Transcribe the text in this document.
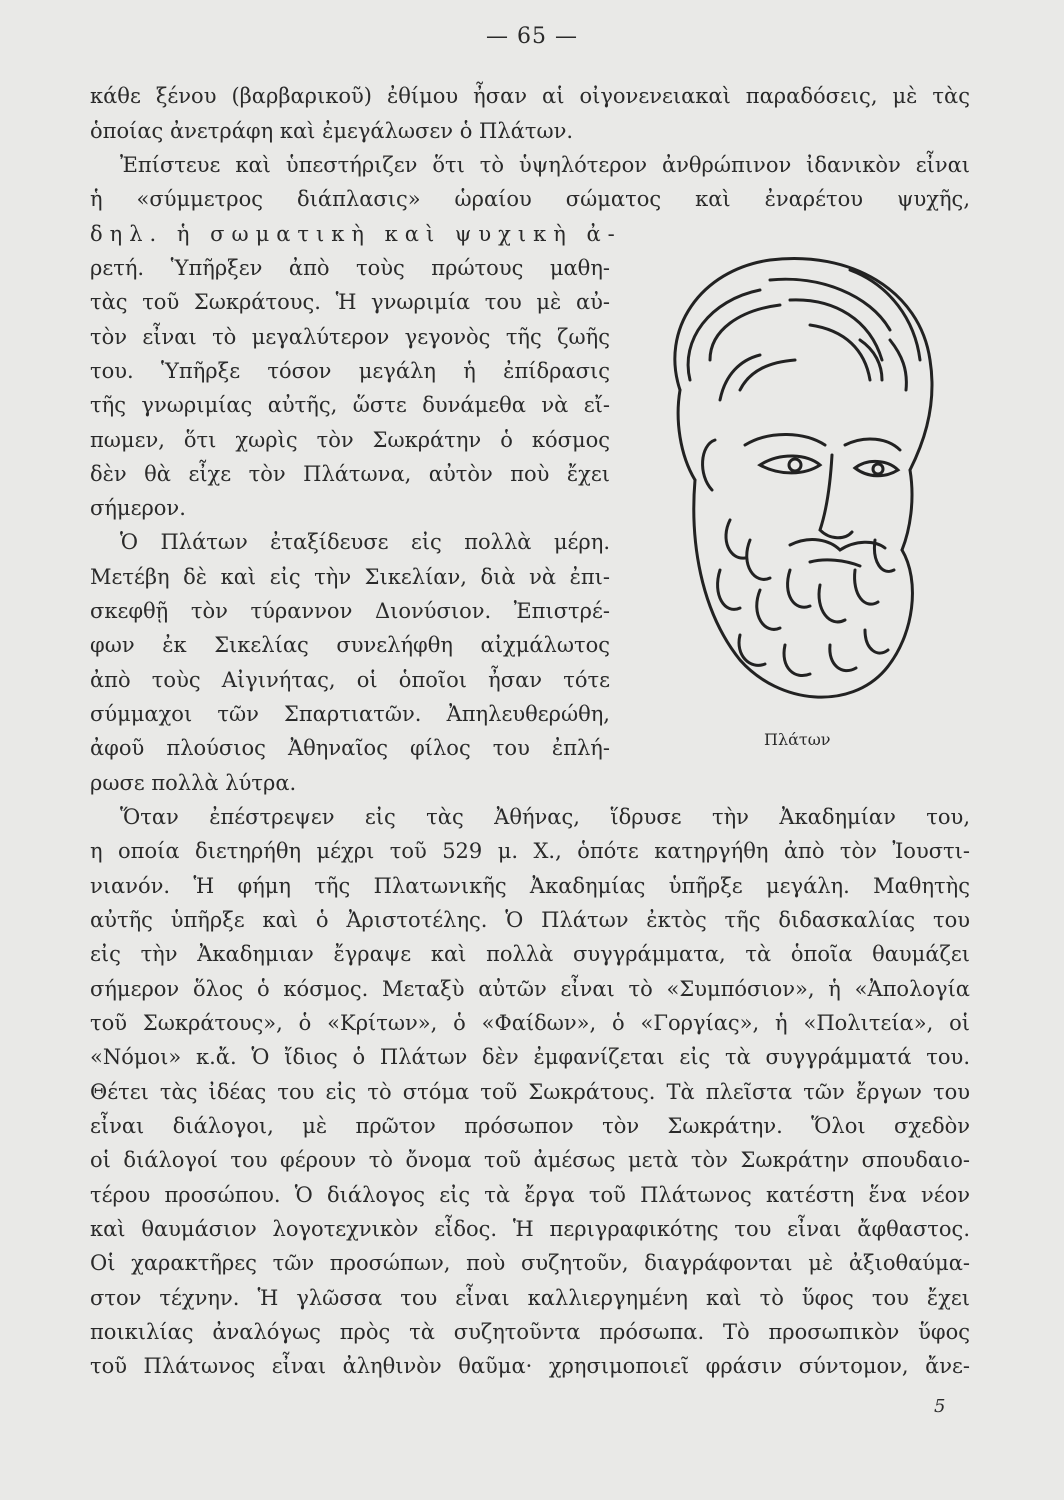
— 65 —
κάθε ξένου (βαρβαρικοῦ) ἐθίμου ἦσαν αἱ οἰγονενειακαὶ παραδόσεις, μὲ τὰς
ὁποίας ἀνετράφη καὶ ἐμεγάλωσεν ὁ Πλάτων.
Ἐπίστευε καὶ ὑπεστήριζεν ὅτι τὸ ὑψηλότερον ἀνθρώπινον ἰδανικὸν εἶναι
ἡ «σύμμετρος διάπλασις» ὡραίου σώματος καὶ ἐναρέτου ψυχῆς,
δηλ. ἡ σωματικὴ καὶ ψυχικὴ ἀ-
ρετή. Ὑπῆρξεν ἀπὸ τοὺς πρώτους μαθη-
τὰς τοῦ Σωκράτους. Ἡ γνωριμία του μὲ αὐ-
τὸν εἶναι τὸ μεγαλύτερον γεγονὸς τῆς ζωῆς
του. Ὑπῆρξε τόσον μεγάλη ἡ ἐπίδρασις
τῆς γνωριμίας αὐτῆς, ὥστε δυνάμεθα νὰ εἴ-
πωμεν, ὅτι χωρὶς τὸν Σωκράτην ὁ κόσμος
δὲν θὰ εἶχε τὸν Πλάτωνα, αὐτὸν ποὺ ἔχει
σήμερον.
Ὁ Πλάτων ἐταξίδευσε εἰς πολλὰ μέρη.
Μετέβη δὲ καὶ εἰς τὴν Σικελίαν, διὰ νὰ ἐπι-
σκεφθῇ τὸν τύραννον Διονύσιον. Ἐπιστρέ-
φων ἐκ Σικελίας συνελήφθη αἰχμάλωτος
ἀπὸ τοὺς Αἰγινήτας, οἱ ὁποῖοι ἦσαν τότε
σύμμαχοι τῶν Σπαρτιατῶν. Ἀπηλευθερώθη,
ἀφοῦ πλούσιος Ἀθηναῖος φίλος του ἐπλή-
ρωσε πολλὰ λύτρα.
Ὅταν ἐπέστρεψεν εἰς τὰς Ἀθήνας, ἵδρυσε τὴν Ἀκαδημίαν του,
η οποία διετηρήθη μέχρι τοῦ 529 μ. Χ., ὁπότε κατηργήθη ἀπὸ τὸν Ἰουστι-
νιανόν. Ἡ φήμη τῆς Πλατωνικῆς Ἀκαδημίας ὑπῆρξε μεγάλη. Μαθητὴς
αὐτῆς ὑπῆρξε καὶ ὁ Ἀριστοτέλης. Ὁ Πλάτων ἐκτὸς τῆς διδασκαλίας του
εἰς τὴν Ἀκαδημιαν ἔγραψε καὶ πολλὰ συγγράμματα, τὰ ὁποῖα θαυμάζει
σήμερον ὅλος ὁ κόσμος. Μεταξὺ αὐτῶν εἶναι τὸ «Συμπόσιον», ἡ «Ἀπολογία
τοῦ Σωκράτους», ὁ «Κρίτων», ὁ «Φαίδων», ὁ «Γοργίας», ἡ «Πολιτεία», οἱ
«Νόμοι» κ.ἄ. Ὁ ἴδιος ὁ Πλάτων δὲν ἐμφανίζεται εἰς τὰ συγγράμματά του.
Θέτει τὰς ἰδέας του εἰς τὸ στόμα τοῦ Σωκράτους. Τὰ πλεῖστα τῶν ἔργων του
εἶναι διάλογοι, μὲ πρῶτον πρόσωπον τὸν Σωκράτην. Ὅλοι σχεδὸν
οἱ διάλογοί του φέρουν τὸ ὄνομα τοῦ ἀμέσως μετὰ τὸν Σωκράτην σπουδαιο-
τέρου προσώπου. Ὁ διάλογος εἰς τὰ ἔργα τοῦ Πλάτωνος κατέστη ἕνα νέον
καὶ θαυμάσιον λογοτεχνικὸν εἶδος. Ἡ περιγραφικότης του εἶναι ἄφθαστος.
Οἱ χαρακτῆρες τῶν προσώπων, ποὺ συζητοῦν, διαγράφονται μὲ ἀξιοθαύμα-
στον τέχνην. Ἡ γλῶσσα του εἶναι καλλιεργημένη καὶ τὸ ὕφος του ἔχει
ποικιλίας ἀναλόγως πρὸς τὰ συζητοῦντα πρόσωπα. Τὸ προσωπικὸν ὕφος
τοῦ Πλάτωνος εἶναι ἀληθινὸν θαῦμα· χρησιμοποιεῖ φράσιν σύντομον, ἄνε-
Πλάτων
5
